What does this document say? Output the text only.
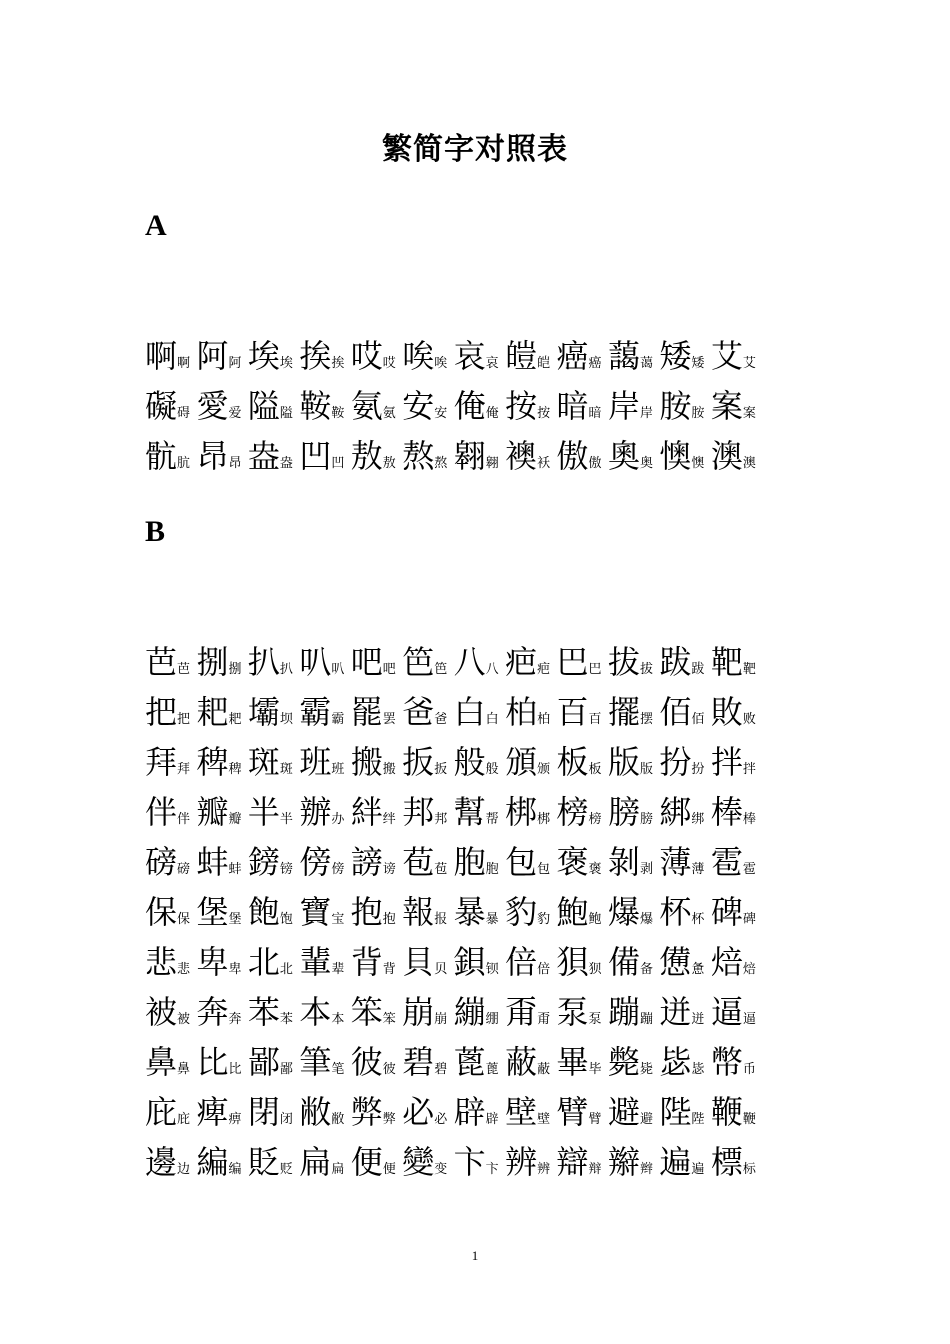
繁简字对照表
A
啊啊 阿阿 埃埃 挨挨 哎哎 唉唉 哀哀 皚皑 癌癌 藹蔼 矮矮 艾艾
礙碍 愛爱 隘隘 鞍鞍 氨氨 安安 俺俺 按按 暗暗 岸岸 胺胺 案案
骯肮 昂昂 盎盎 凹凹 敖敖 熬熬 翱翱 襖袄 傲傲 奧奥 懊懊 澳澳
B
芭芭 捌捌 扒扒 叭叭 吧吧 笆笆 八八 疤疤 巴巴 拔拔 跋跋 靶靶
把把 耙耙 壩坝 霸霸 罷罢 爸爸 白白 柏柏 百百 擺摆 佰佰 敗败
拜拜 稗稗 斑斑 班班 搬搬 扳扳 般般 頒颁 板板 版版 扮扮 拌拌
伴伴 瓣瓣 半半 辦办 絆绊 邦邦 幫帮 梆梆 榜榜 膀膀 綁绑 棒棒
磅磅 蚌蚌 鎊镑 傍傍 謗谤 苞苞 胞胞 包包 褒褒 剝剥 薄薄 雹雹
保保 堡堡 飽饱 寶宝 抱抱 報报 暴暴 豹豹 鮑鲍 爆爆 杯杯 碑碑
悲悲 卑卑 北北 輩辈 背背 貝贝 鋇钡 倍倍 狽狈 備备 憊惫 焙焙
被被 奔奔 苯苯 本本 笨笨 崩崩 繃绷 甭甭 泵泵 蹦蹦 迸迸 逼逼
鼻鼻 比比 鄙鄙 筆笔 彼彼 碧碧 蓖蓖 蔽蔽 畢毕 斃毙 毖毖 幣币
庇庇 痺痹 閉闭 敝敝 弊弊 必必 辟辟 壁壁 臂臂 避避 陛陛 鞭鞭
邊边 編编 貶贬 扁扁 便便 變变 卞卞 辨辨 辯辩 辮辫 遍遍 標标
1
